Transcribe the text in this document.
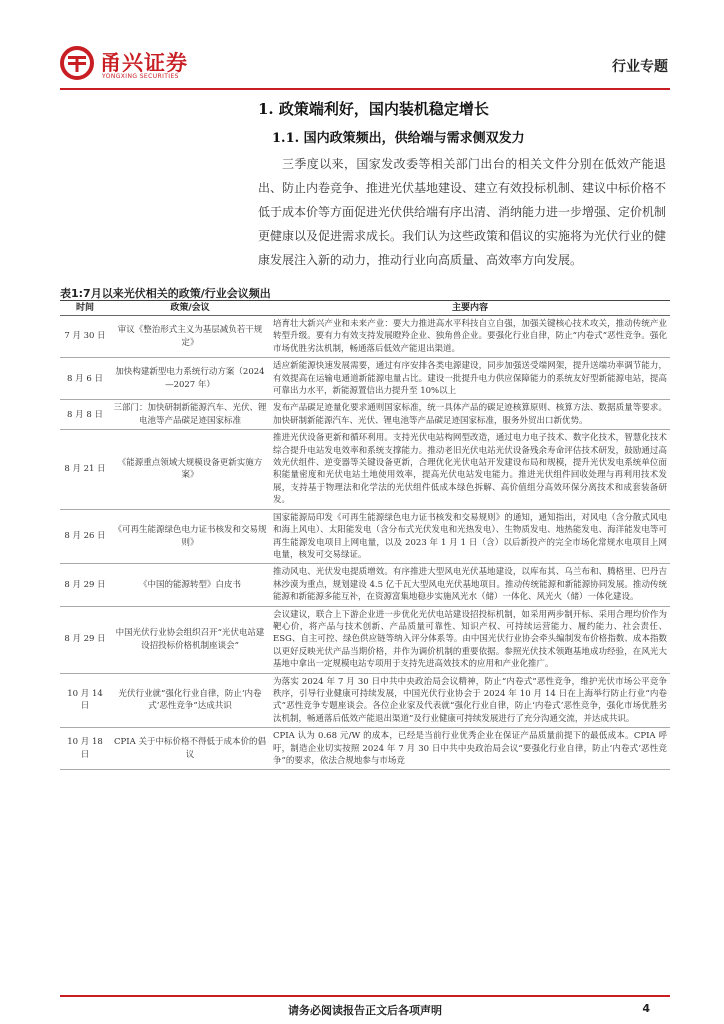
甬兴证券
YONGXING SECURITIES
行业专题
1. 政策端利好，国内装机稳定增长
1.1. 国内政策频出，供给端与需求侧双发力

三季度以来，国家发改委等相关部门出台的相关文件分别在低效产能退出、防止内卷竞争、推进光伏基地建设、建立有效投标机制、建议中标价格不低于成本价等方面促进光伏供给端有序出清、消纳能力进一步增强、定价机制更健康以及促进需求成长。我们认为这些政策和倡议的实施将为光伏行业的健康发展注入新的动力，推动行业向高质量、高效率方向发展。

表1:7月以来光伏相关的政策/行业会议频出
时间	政策/会议	主要内容
7 月 30 日	审议《整治形式主义为基层减负若干规定》	培育壮大新兴产业和未来产业：要大力推进高水平科技自立自强，加强关键核心技术攻关，推动传统产业转型升级。要有力有效支持发展瞪羚企业、独角兽企业。要强化行业自律，防止“内卷式”恶性竞争。强化市场优胜劣汰机制，畅通落后低效产能退出渠道。
8 月 6 日	加快构建新型电力系统行动方案（2024—2027 年）	适应新能源快速发展需要，通过有序安排各类电源建设，同步加强送受端网架，提升送端功率调节能力，有效提高在运输电通道新能源电量占比。建设一批提升电力供应保障能力的系统友好型新能源电站，提高可靠出力水平，新能源置信出力提升至 10%以上
8 月 8 日	三部门：加快研制新能源汽车、光伏、锂电池等产品碳足迹国家标准	发布产品碳足迹量化要求通则国家标准，统一具体产品的碳足迹核算原则、核算方法、数据质量等要求。加快研制新能源汽车、光伏、锂电池等产品碳足迹国家标准，服务外贸出口新优势。
8 月 21 日	《能源重点领域大规模设备更新实施方案》	推进光伏设备更新和循环利用。支持光伏电站构网型改造，通过电力电子技术、数字化技术，智慧化技术综合提升电站发电效率和系统支撑能力。推动老旧光伏电站光伏设备残余寿命评估技术研发，鼓励通过高效光伏组件、逆变器等关键设备更新，合理优化光伏电站开发建设布局和规模，提升光伏发电系统单位面积能量密度和光伏电站土地使用效率，提高光伏电站发电能力。推进光伏组件回收处理与再利用技术发展，支持基于物理法和化学法的光伏组件低成本绿色拆解、高价值组分高效环保分离技术和成套装备研发。
8 月 26 日	《可再生能源绿色电力证书核发和交易规则》	国家能源局印发《可再生能源绿色电力证书核发和交易规则》的通知，通知指出，对风电（含分散式风电和海上风电）、太阳能发电（含分布式光伏发电和光热发电）、生物质发电、地热能发电、海洋能发电等可再生能源发电项目上网电量，以及 2023 年 1 月 1 日（含）以后新投产的完全市场化常规水电项目上网电量，核发可交易绿证。
8 月 29 日	《中国的能源转型》白皮书	推动风电、光伏发电提质增效。有序推进大型风电光伏基地建设，以库布其、乌兰布和、腾格里、巴丹吉林沙漠为重点，规划建设 4.5 亿千瓦大型风电光伏基地项目。推动传统能源和新能源协同发展。推动传统能源和新能源多能互补，在资源富集地稳步实施风光水（储）一体化、风光火（储）一体化建设。
8 月 29 日	中国光伏行业协会组织召开“光伏电站建设招投标价格机制座谈会”	会议建议，联合上下游企业进一步优化光伏电站建设招投标机制，如采用两步制开标、采用合理均价作为靶心价，将产品与技术创新、产品质量可靠性、知识产权、可持续运营能力、履约能力、社会责任、ESG、自主可控、绿色供应链等纳入评分体系等。由中国光伏行业协会牵头编制发布价格指数、成本指数以更好反映光伏产品当期价格，并作为调价机制的重要依据。参照光伏技术领跑基地成功经验，在风光大基地中拿出一定规模电站专项用于支持先进高效技术的应用和产业化推广。
10 月 14 日	光伏行业就“强化行业自律，防止‘内卷式’恶性竞争”达成共识	为落实 2024 年 7 月 30 日中共中央政治局会议精神，防止“内卷式”恶性竞争，维护光伏市场公平竞争秩序，引导行业健康可持续发展，中国光伏行业协会于 2024 年 10 月 14 日在上海举行防止行业“内卷式”恶性竞争专题座谈会。各位企业家及代表就“强化行业自律，防止‘内卷式’恶性竞争，强化市场优胜劣汰机制，畅通落后低效产能退出渠道”及行业健康可持续发展进行了充分沟通交流，并达成共识。
10 月 18 日	CPIA 关于中标价格不得低于成本价的倡议	CPIA 认为 0.68 元/W 的成本，已经是当前行业优秀企业在保证产品质量前提下的最低成本。CPIA 呼吁，制造企业切实按照 2024 年 7 月 30 日中共中央政治局会议“要强化行业自律，防止‘内卷式’恶性竞争”的要求，依法合规地参与市场竞
请务必阅读报告正文后各项声明	4
